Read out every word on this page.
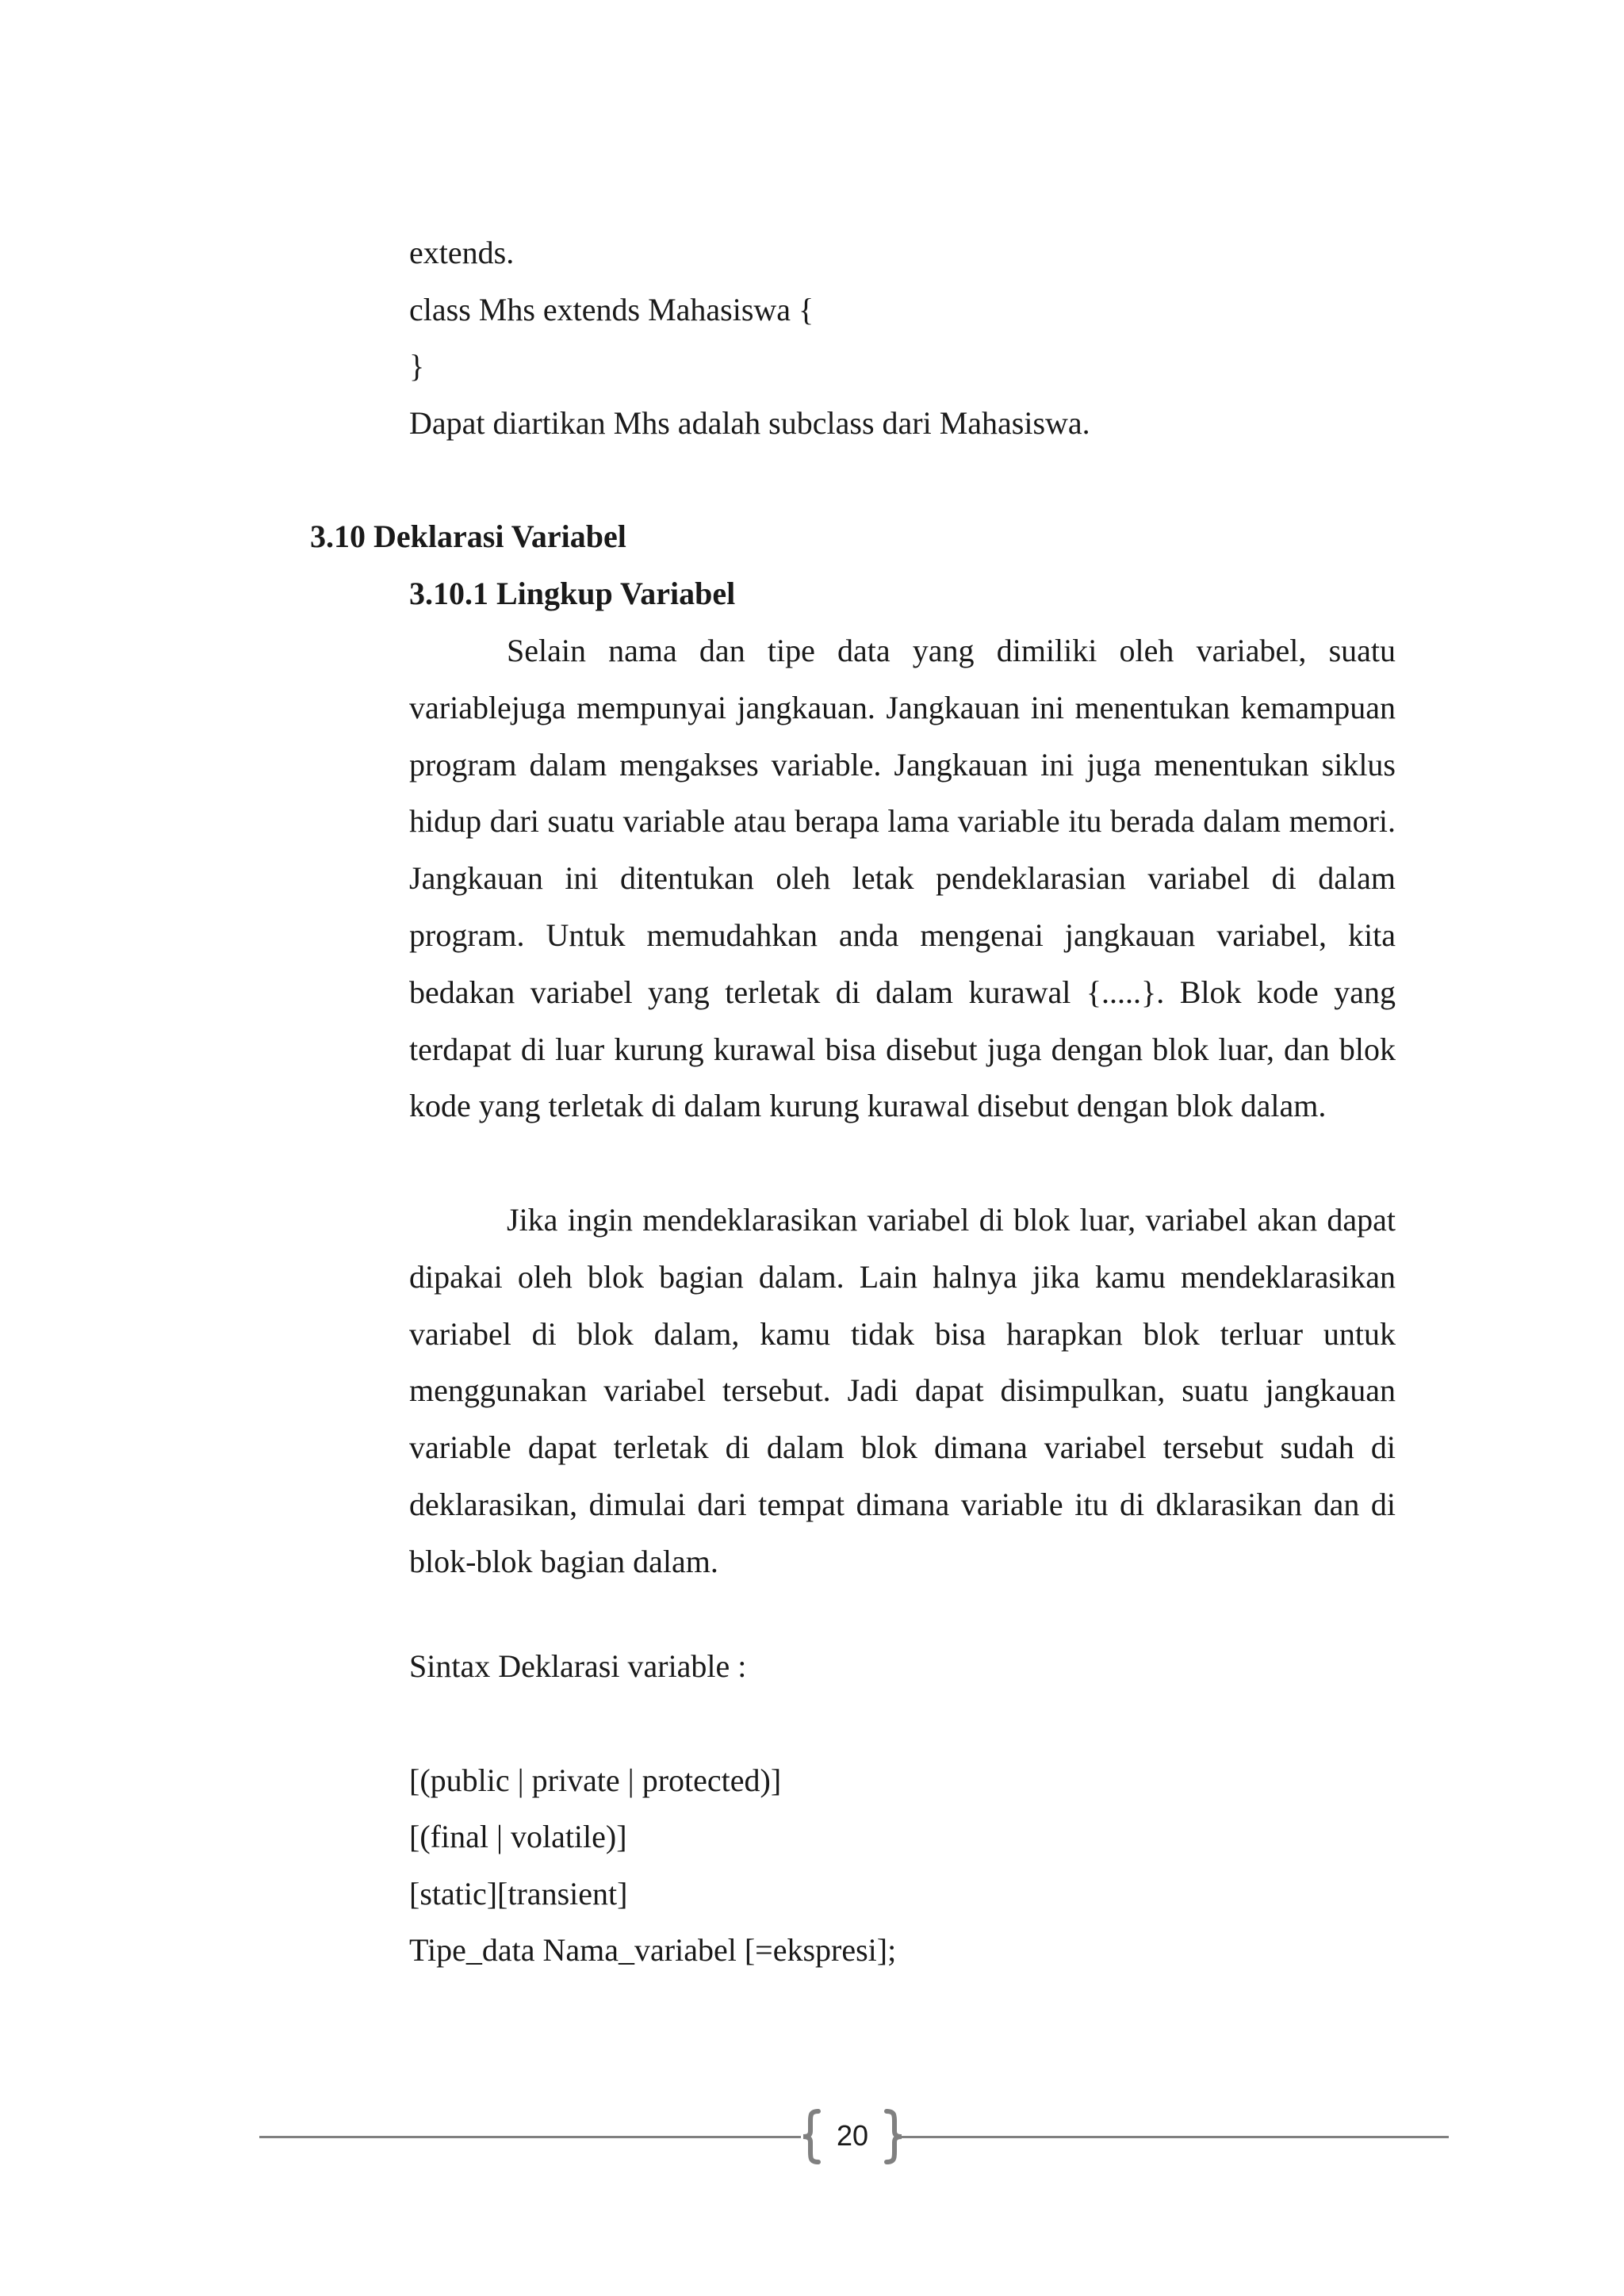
extends.

class Mhs extends Mahasiswa {

}

Dapat diartikan Mhs adalah subclass dari Mahasiswa.

3.10 Deklarasi Variabel
3.10.1 Lingkup Variabel

Selain nama dan tipe data yang dimiliki oleh variabel, suatu variablejuga mempunyai jangkauan. Jangkauan ini menentukan kemampuan program dalam mengakses variable. Jangkauan ini juga menentukan siklus hidup dari suatu variable atau berapa lama variable itu berada dalam memori. Jangkauan ini ditentukan oleh letak pendeklarasian variabel di dalam program. Untuk memudahkan anda mengenai jangkauan variabel, kita bedakan variabel yang terletak di dalam kurawal {.....}. Blok kode yang terdapat di luar kurung kurawal bisa disebut juga dengan blok luar, dan blok kode yang terletak di dalam kurung kurawal disebut dengan blok dalam.

Jika ingin mendeklarasikan variabel di blok luar, variabel akan dapat dipakai oleh blok bagian dalam. Lain halnya jika kamu mendeklarasikan variabel di blok dalam, kamu tidak bisa harapkan blok terluar untuk menggunakan variabel tersebut. Jadi dapat disimpulkan, suatu jangkauan variable dapat terletak di dalam blok dimana variabel tersebut sudah di deklarasikan, dimulai dari tempat dimana variable itu di dklarasikan dan di blok-blok bagian dalam.

Sintax Deklarasi variable :

[(public | private | protected)]

[(final | volatile)]

[static][transient]

Tipe_data Nama_variabel [=ekspresi];

20
